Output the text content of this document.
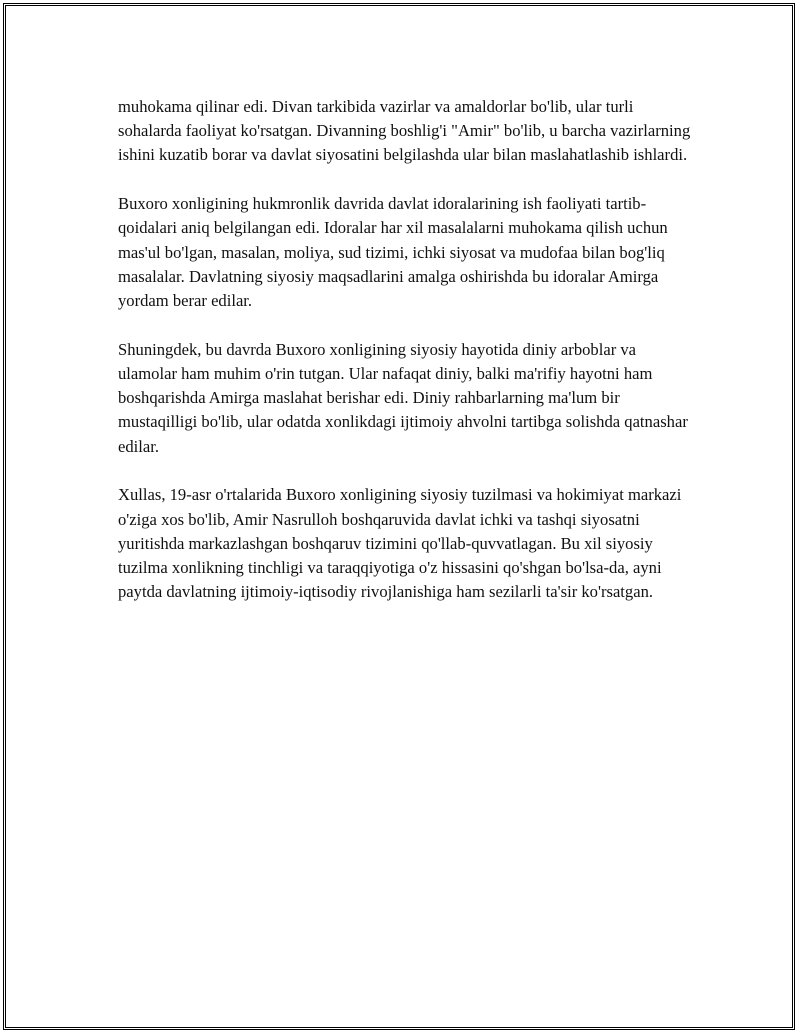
muhokama qilinar edi. Divan tarkibida vazirlar va amaldorlar bo'lib, ular turli sohalarda faoliyat ko'rsatgan. Divanning boshlig'i "Amir" bo'lib, u barcha vazirlarning ishini kuzatib borar va davlat siyosatini belgilashda ular bilan maslahatlashib ishlardi.

Buxoro xonligining hukmronlik davrida davlat idoralarining ish faoliyati tartib-qoidalari aniq belgilangan edi. Idoralar har xil masalalarni muhokama qilish uchun mas'ul bo'lgan, masalan, moliya, sud tizimi, ichki siyosat va mudofaa bilan bog'liq masalalar. Davlatning siyosiy maqsadlarini amalga oshirishda bu idoralar Amirga yordam berar edilar.

Shuningdek, bu davrda Buxoro xonligining siyosiy hayotida diniy arboblar va ulamolar ham muhim o'rin tutgan. Ular nafaqat diniy, balki ma'rifiy hayotni ham boshqarishda Amirga maslahat berishar edi. Diniy rahbarlarning ma'lum bir mustaqilligi bo'lib, ular odatda xonlikdagi ijtimoiy ahvolni tartibga solishda qatnashar edilar.

Xullas, 19-asr o'rtalarida Buxoro xonligining siyosiy tuzilmasi va hokimiyat markazi o'ziga xos bo'lib, Amir Nasrulloh boshqaruvida davlat ichki va tashqi siyosatni yuritishda markazlashgan boshqaruv tizimini qo'llab-quvvatlagan. Bu xil siyosiy tuzilma xonlikning tinchligi va taraqqiyotiga o'z hissasini qo'shgan bo'lsa-da, ayni paytda davlatning ijtimoiy-iqtisodiy rivojlanishiga ham sezilarli ta'sir ko'rsatgan.
